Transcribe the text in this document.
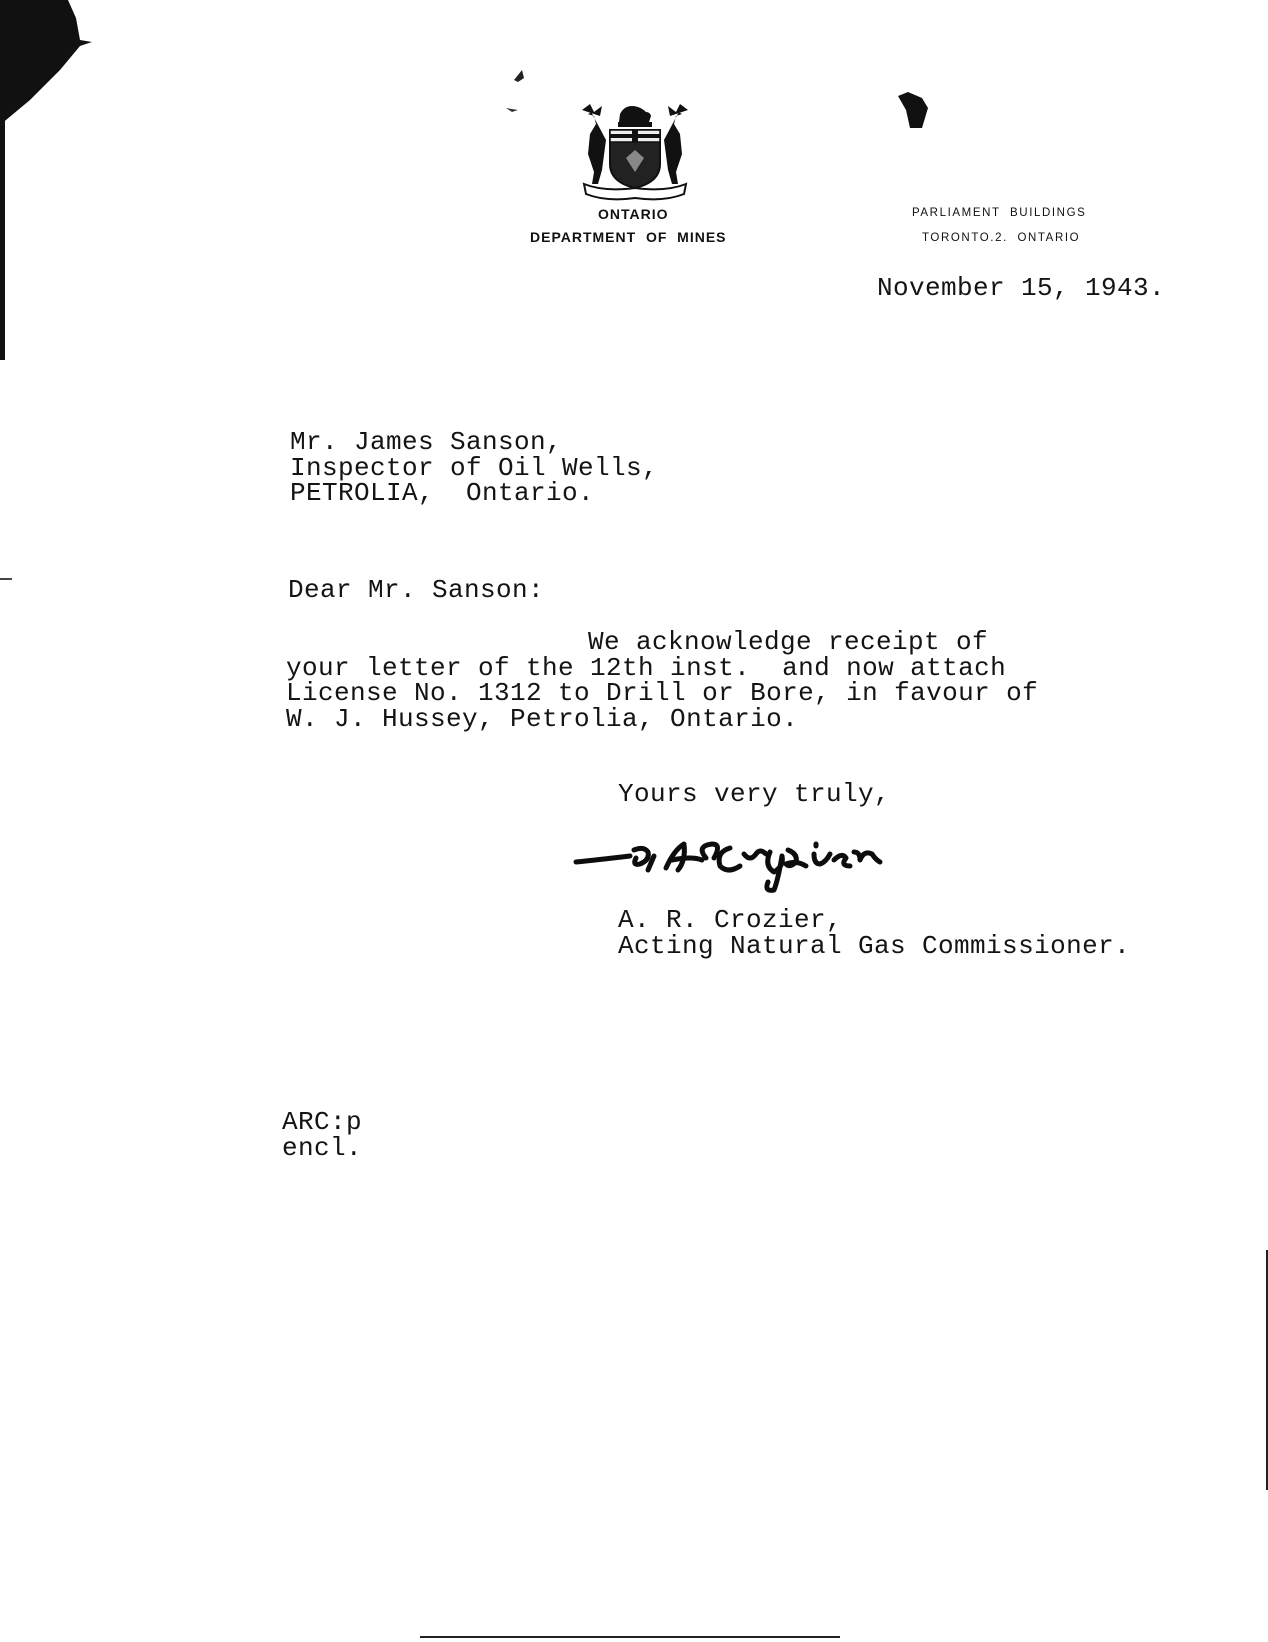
ONTARIO
DEPARTMENT  OF  MINES
PARLIAMENT  BUILDINGS
TORONTO.2.  ONTARIO
November 15, 1943.
Mr. James Sanson,
Inspector of Oil Wells,
PETROLIA,  Ontario.
Dear Mr. Sanson:
We acknowledge receipt of
your letter of the 12th inst.  and now attach
License No. 1312 to Drill or Bore, in favour of
W. J. Hussey, Petrolia, Ontario.
Yours very truly,
A. R. Crozier,
Acting Natural Gas Commissioner.
ARC:p
encl.
